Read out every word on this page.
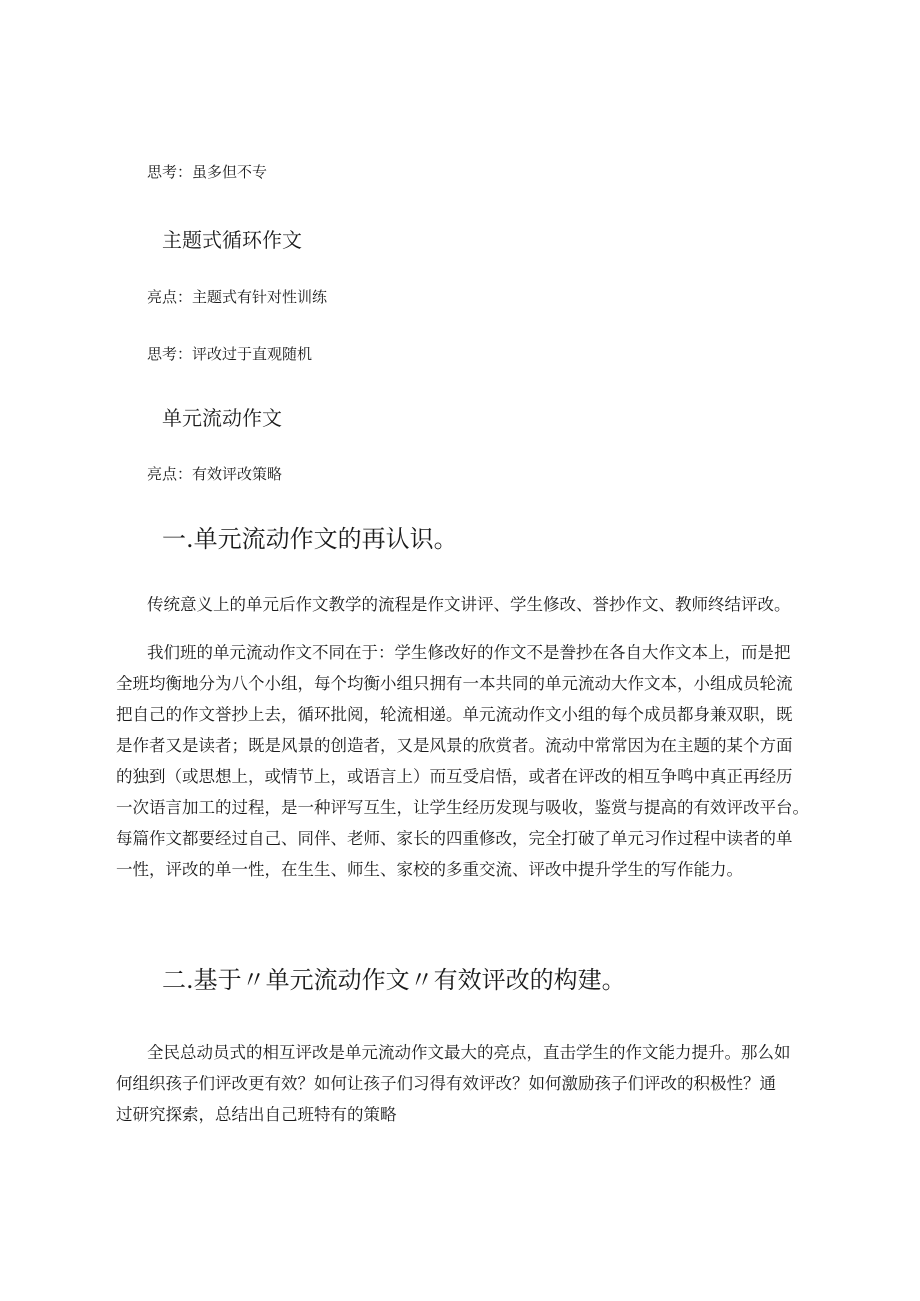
思考：虽多但不专

主题式循环作文

亮点：主题式有针对性训练

思考：评改过于直观随机

单元流动作文

亮点：有效评改策略

一.单元流动作文的再认识。

传统意义上的单元后作文教学的流程是作文讲评、学生修改、誉抄作文、教师终结评改。

我们班的单元流动作文不同在于：学生修改好的作文不是誊抄在各自大作文本上，而是把
全班均衡地分为八个小组，每个均衡小组只拥有一本共同的单元流动大作文本，小组成员轮流
把自己的作文誉抄上去，循环批阅，轮流相递。单元流动作文小组的每个成员都身兼双职，既
是作者又是读者；既是风景的创造者，又是风景的欣赏者。流动中常常因为在主题的某个方面
的独到（或思想上，或情节上，或语言上）而互受启悟，或者在评改的相互争鸣中真正再经历
一次语言加工的过程，是一种评写互生，让学生经历发现与吸收，鉴赏与提高的有效评改平台。
每篇作文都要经过自己、同伴、老师、家长的四重修改，完全打破了单元习作过程中读者的单
一性，评改的单一性，在生生、师生、家校的多重交流、评改中提升学生的写作能力。

二.基于〃单元流动作文〃有效评改的构建。

全民总动员式的相互评改是单元流动作文最大的亮点，直击学生的作文能力提升。那么如
何组织孩子们评改更有效？如何让孩子们习得有效评改？如何激励孩子们评改的积极性？通
过研究探索，总结出自己班特有的策略
